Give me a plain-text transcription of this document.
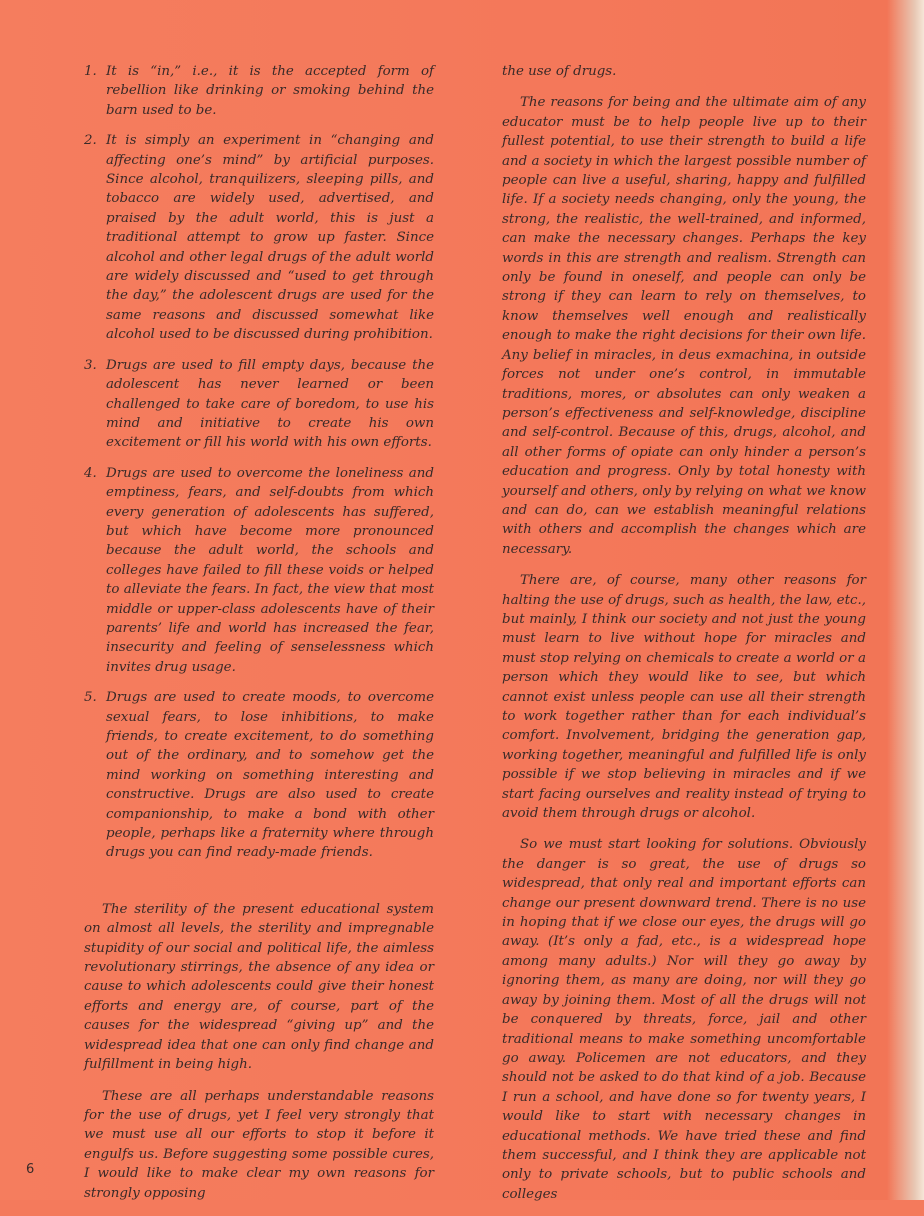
1. It is “in,” i.e., it is the accepted form of rebellion like drinking or smoking behind the barn used to be.
2. It is simply an experiment in “changing and affecting one’s mind” by artificial purposes. Since alcohol, tranquilizers, sleeping pills, and tobacco are widely used, advertised, and praised by the adult world, this is just a traditional attempt to grow up faster. Since alcohol and other legal drugs of the adult world are widely discussed and “used to get through the day,” the adolescent drugs are used for the same reasons and discussed somewhat like alcohol used to be discussed during prohibition.
3. Drugs are used to fill empty days, because the adolescent has never learned or been challenged to take care of boredom, to use his mind and initiative to create his own excitement or fill his world with his own efforts.
4. Drugs are used to overcome the loneliness and emptiness, fears, and self-doubts from which every generation of adolescents has suffered, but which have become more pronounced because the adult world, the schools and colleges have failed to fill these voids or helped to alleviate the fears. In fact, the view that most middle or upper-class adolescents have of their parents’ life and world has increased the fear, insecurity and feeling of senselessness which invites drug usage.
5. Drugs are used to create moods, to overcome sexual fears, to lose inhibitions, to make friends, to create excitement, to do something out of the ordinary, and to somehow get the mind working on something interesting and constructive. Drugs are also used to create companionship, to make a bond with other people, perhaps like a fraternity where through drugs you can find ready-made friends.

The sterility of the present educational system on almost all levels, the sterility and impregnable stupidity of our social and political life, the aimless revolutionary stirrings, the absence of any idea or cause to which adolescents could give their honest efforts and energy are, of course, part of the causes for the widespread “giving up” and the widespread idea that one can only find change and fulfillment in being high.

These are all perhaps understandable reasons for the use of drugs, yet I feel very strongly that we must use all our efforts to stop it before it engulfs us. Before suggesting some possible cures, I would like to make clear my own reasons for strongly opposing

the use of drugs.

The reasons for being and the ultimate aim of any educator must be to help people live up to their fullest potential, to use their strength to build a life and a society in which the largest possible number of people can live a useful, sharing, happy and fulfilled life. If a society needs changing, only the young, the strong, the realistic, the well-trained, and informed, can make the necessary changes. Perhaps the key words in this are strength and realism. Strength can only be found in oneself, and people can only be strong if they can learn to rely on themselves, to know themselves well enough and realistically enough to make the right decisions for their own life. Any belief in miracles, in deus exmachina, in outside forces not under one’s control, in immutable traditions, mores, or absolutes can only weaken a person’s effectiveness and self-knowledge, discipline and self-control. Because of this, drugs, alcohol, and all other forms of opiate can only hinder a person’s education and progress. Only by total honesty with yourself and others, only by relying on what we know and can do, can we establish meaningful relations with others and accomplish the changes which are necessary.

There are, of course, many other reasons for halting the use of drugs, such as health, the law, etc., but mainly, I think our society and not just the young must learn to live without hope for miracles and must stop relying on chemicals to create a world or a person which they would like to see, but which cannot exist unless people can use all their strength to work together rather than for each individual’s comfort. Involvement, bridging the generation gap, working together, meaningful and fulfilled life is only possible if we stop believing in miracles and if we start facing ourselves and reality instead of trying to avoid them through drugs or alcohol.

So we must start looking for solutions. Obviously the danger is so great, the use of drugs so widespread, that only real and important efforts can change our present downward trend. There is no use in hoping that if we close our eyes, the drugs will go away. (It’s only a fad, etc., is a widespread hope among many adults.) Nor will they go away by ignoring them, as many are doing, nor will they go away by joining them. Most of all the drugs will not be conquered by threats, force, jail and other traditional means to make something uncomfortable go away. Policemen are not educators, and they should not be asked to do that kind of a job. Because I run a school, and have done so for twenty years, I would like to start with necessary changes in educational methods. We have tried these and find them successful, and I think they are applicable not only to private schools, but to public schools and colleges

6
